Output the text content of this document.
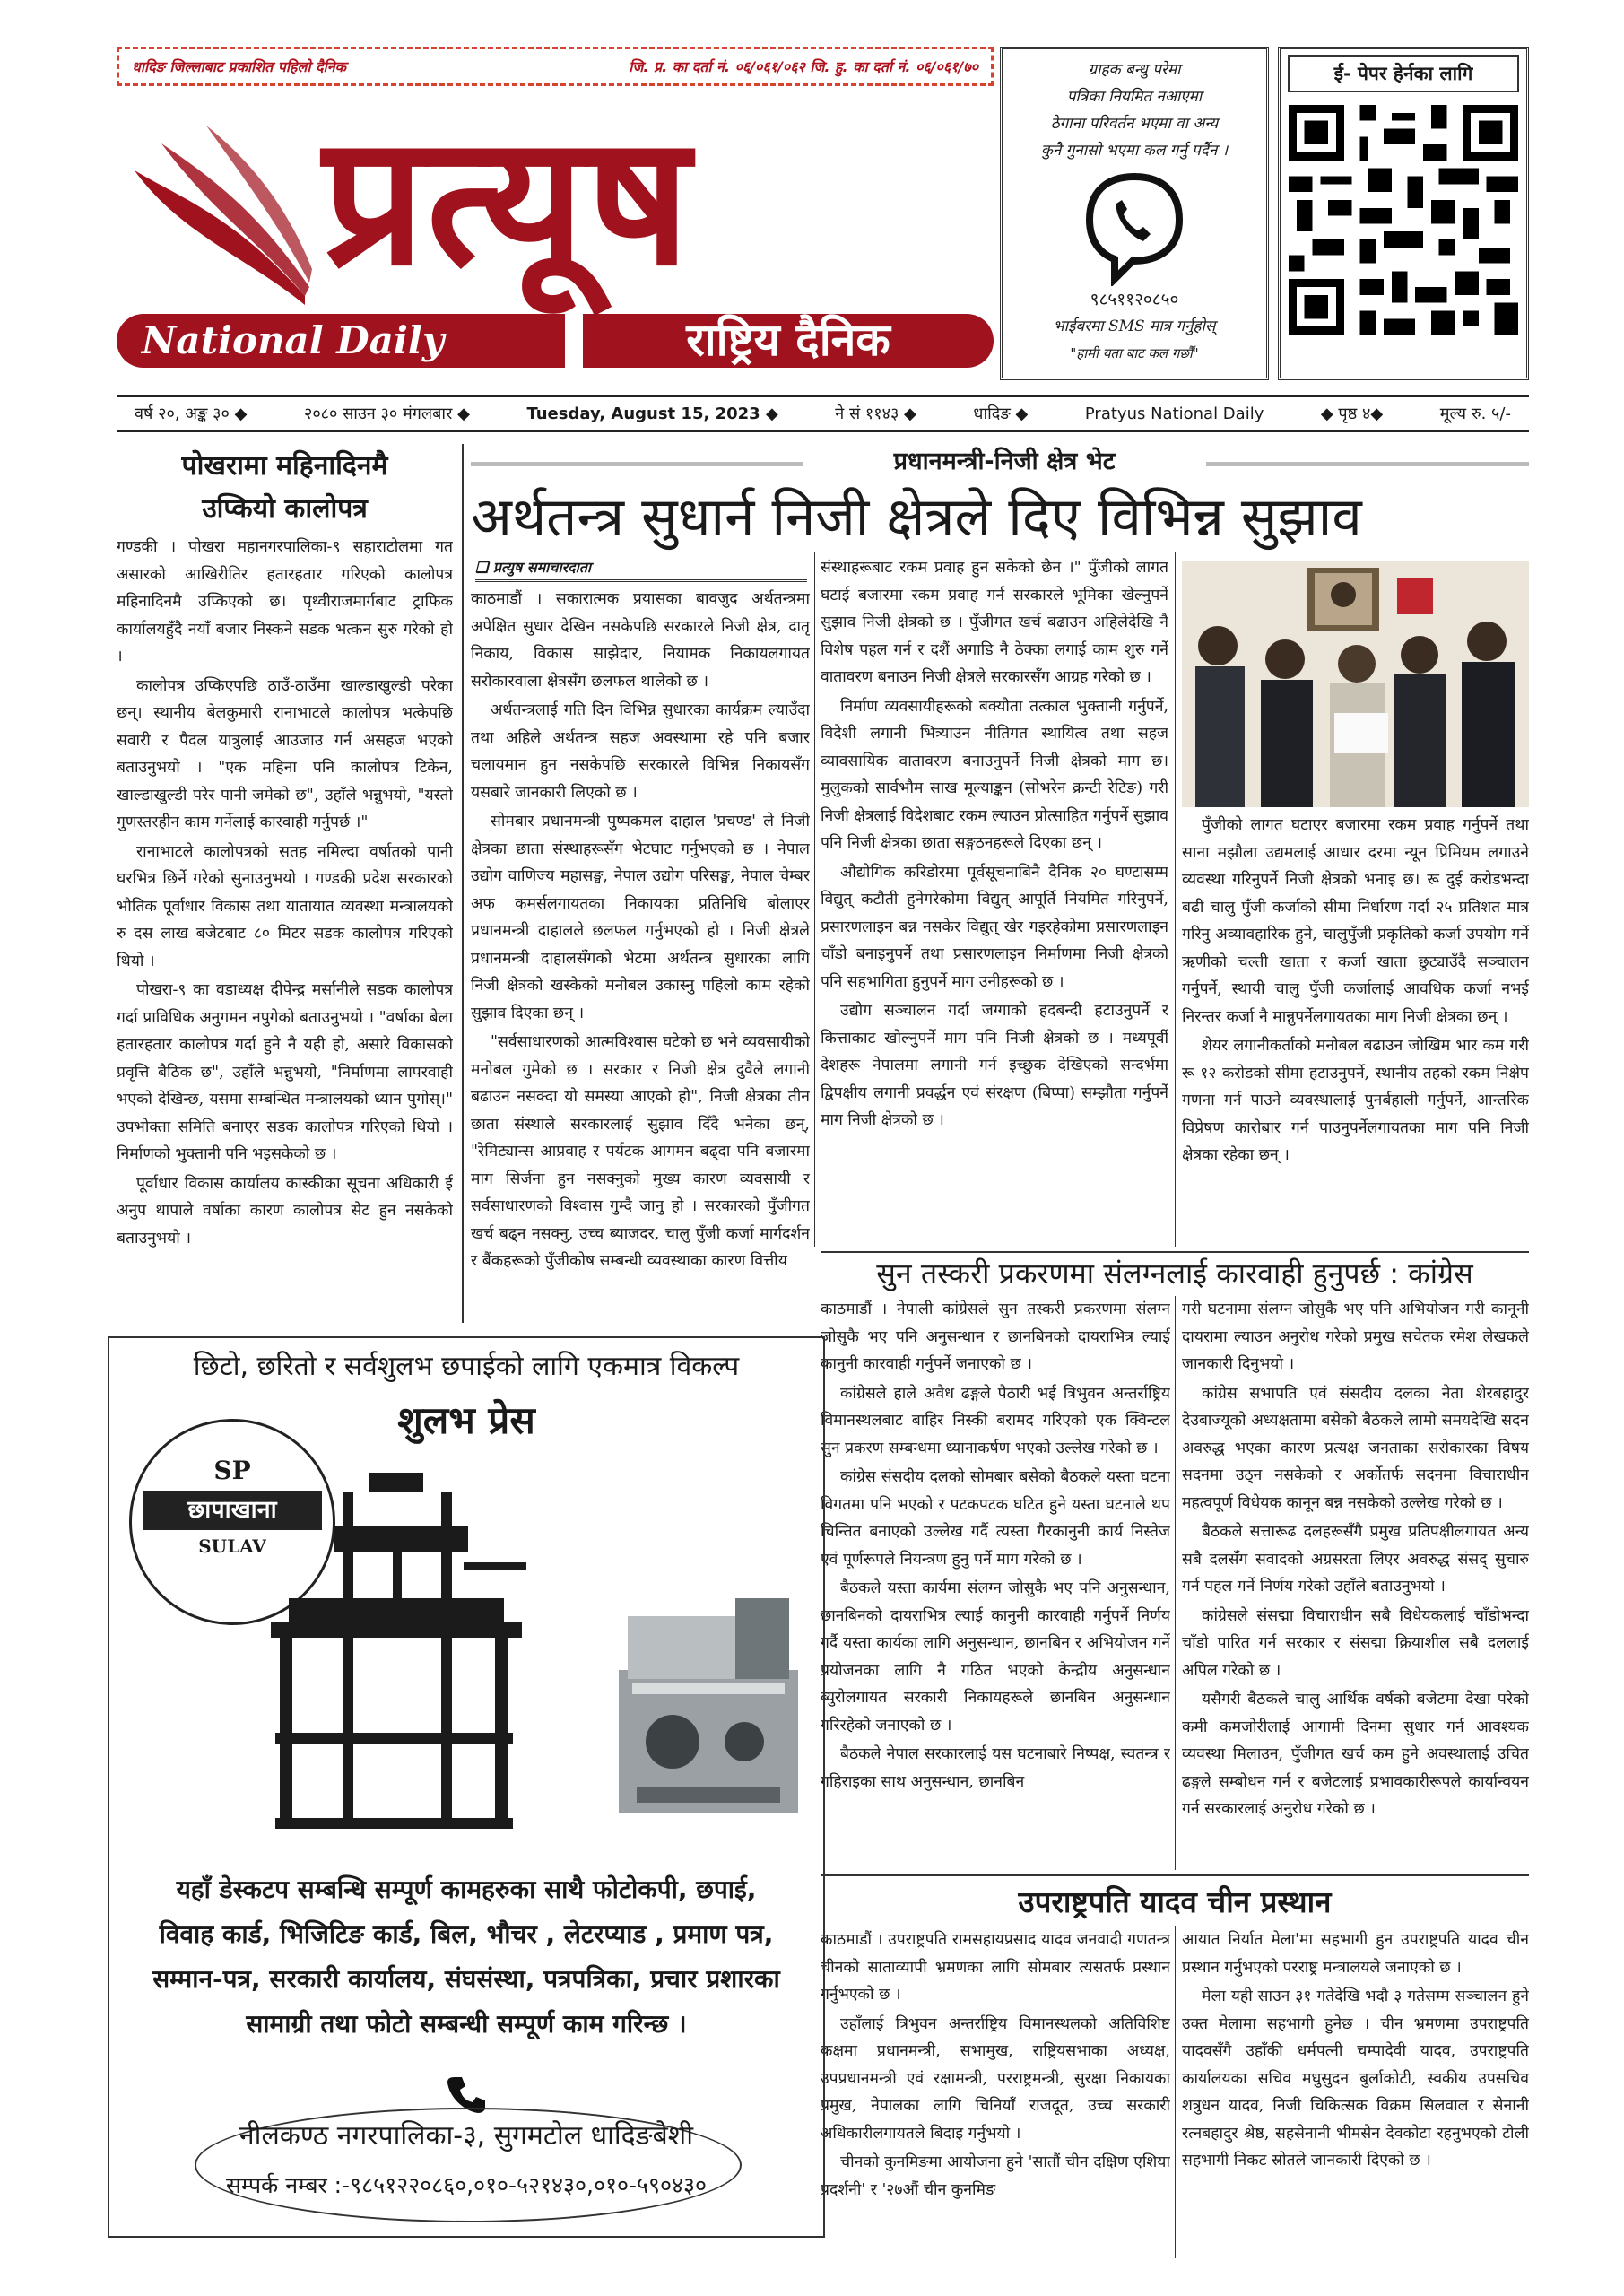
धादिङ जिल्लाबाट प्रकाशित पहिलो दैनिक	जि. प्र. का दर्ता नं. ०६/०६१/०६२ जि. हु. का दर्ता नं. ०६/०६१/७०
प्रत्यूष
National Daily	राष्ट्रिय दैनिक
ग्राहक बन्धु परेमा
पत्रिका नियमित नआएमा
ठेगाना परिवर्तन भएमा वा अन्य
कुनै गुनासो भएमा कल गर्नु पर्दैन ।
९८५११२०८५०
भाईबरमा SMS मात्र गर्नुहोस्
"हामी यता बाट कल गर्छौं"
ई- पेपर हेर्नका लागि
वर्ष २०, अङ्क ३० ◆	२०८० साउन ३० मंगलबार ◆	Tuesday, August 15, 2023 ◆	ने सं ११४३ ◆	धादिङ ◆	Pratyus National Daily	◆ पृष्ठ ४◆	मूल्य रु. ५/-
पोखरामा महिनादिनमै
उप्कियो कालोपत्र

गण्डकी । पोखरा महानगरपालिका-९ सहाराटोलमा गत असारको आखिरीतिर हतारहतार गरिएको कालोपत्र महिनादिनमै उप्किएको छ। पृथ्वीराजमार्गबाट ट्राफिक कार्यालयहुँदै नयाँ बजार निस्कने सडक भत्कन सुरु गरेको हो ।

कालोपत्र उप्किएपछि ठाउँ-ठाउँमा खाल्डाखुल्डी परेका छन्। स्थानीय बेलकुमारी रानाभाटले कालोपत्र भत्केपछि सवारी र पैदल यात्रुलाई आउजाउ गर्न असहज भएको बताउनुभयो । "एक महिना पनि कालोपत्र टिकेन, खाल्डाखुल्डी परेर पानी जमेको छ", उहाँले भन्नुभयो, "यस्तो गुणस्तरहीन काम गर्नेलाई कारवाही गर्नुपर्छ ।"

रानाभाटले कालोपत्रको सतह नमिल्दा वर्षातको पानी घरभित्र छिर्ने गरेको सुनाउनुभयो । गण्डकी प्रदेश सरकारको भौतिक पूर्वाधार विकास तथा यातायात व्यवस्था मन्त्रालयको रु दस लाख बजेटबाट ८० मिटर सडक कालोपत्र गरिएको थियो ।

पोखरा-९ का वडाध्यक्ष दीपेन्द्र मर्सानीले सडक कालोपत्र गर्दा प्राविधिक अनुगमन नपुगेको बताउनुभयो । "वर्षाका बेला हतारहतार कालोपत्र गर्दा हुने नै यही हो, असारे विकासको प्रवृत्ति बैठिक छ", उहाँले भन्नुभयो, "निर्माणमा लापरवाही भएको देखिन्छ, यसमा सम्बन्धित मन्त्रालयको ध्यान पुगोस्।" उपभोक्ता समिति बनाएर सडक कालोपत्र गरिएको थियो । निर्माणको भुक्तानी पनि भइसकेको छ ।

पूर्वाधार विकास कार्यालय कास्कीका सूचना अधिकारी ई अनुप थापाले वर्षाका कारण कालोपत्र सेट हुन नसकेको बताउनुभयो ।

प्रधानमन्त्री-निजी क्षेत्र भेट
अर्थतन्त्र सुधार्न निजी क्षेत्रले दिए विभिन्न सुझाव
❑ प्रत्युष समाचारदाता

काठमाडौं । सकारात्मक प्रयासका बावजुद अर्थतन्त्रमा अपेक्षित सुधार देखिन नसकेपछि सरकारले निजी क्षेत्र, दातृ निकाय, विकास साझेदार, नियामक निकायलगायत सरोकारवाला क्षेत्रसँग छलफल थालेको छ ।

अर्थतन्त्रलाई गति दिन विभिन्न सुधारका कार्यक्रम ल्याउँदा तथा अहिले अर्थतन्त्र सहज अवस्थामा रहे पनि बजार चलायमान हुन नसकेपछि सरकारले विभिन्न निकायसँग यसबारे जानकारी लिएको छ ।

सोमबार प्रधानमन्त्री पुष्पकमल दाहाल 'प्रचण्ड' ले निजी क्षेत्रका छाता संस्थाहरूसँग भेटघाट गर्नुभएको छ । नेपाल उद्योग वाणिज्य महासङ्घ, नेपाल उद्योग परिसङ्घ, नेपाल चेम्बर अफ कमर्सलगायतका निकायका प्रतिनिधि बोलाएर प्रधानमन्त्री दाहालले छलफल गर्नुभएको हो । निजी क्षेत्रले प्रधानमन्त्री दाहालसँगको भेटमा अर्थतन्त्र सुधारका लागि निजी क्षेत्रको खस्केको मनोबल उकास्नु पहिलो काम रहेको सुझाव दिएका छन् ।

"सर्वसाधारणको आत्मविश्वास घटेको छ भने व्यवसायीको मनोबल गुमेको छ । सरकार र निजी क्षेत्र दुवैले लगानी बढाउन नसक्दा यो समस्या आएको हो", निजी क्षेत्रका तीन छाता संस्थाले सरकारलाई सुझाव दिँदै भनेका छन्, "रेमिट्यान्स आप्रवाह र पर्यटक आगमन बढ्दा पनि बजारमा माग सिर्जना हुन नसक्नुको मुख्य कारण व्यवसायी र सर्वसाधारणको विश्वास गुम्दै जानु हो । सरकारको पुँजीगत खर्च बढ्न नसक्नु, उच्च ब्याजदर, चालु पुँजी कर्जा मार्गदर्शन र बैंकहरूको पुँजीकोष सम्बन्धी व्यवस्थाका कारण वित्तीय

संस्थाहरूबाट रकम प्रवाह हुन सकेको छैन ।" पुँजीको लागत घटाई बजारमा रकम प्रवाह गर्न सरकारले भूमिका खेल्नुपर्ने सुझाव निजी क्षेत्रको छ । पुँजीगत खर्च बढाउन अहिलेदेखि नै विशेष पहल गर्न र दशैं अगाडि नै ठेक्का लगाई काम शुरु गर्ने वातावरण बनाउन निजी क्षेत्रले सरकारसँग आग्रह गरेको छ ।

निर्माण व्यवसायीहरूको बक्यौता तत्काल भुक्तानी गर्नुपर्ने, विदेशी लगानी भित्र्याउन नीतिगत स्थायित्व तथा सहज व्यावसायिक वातावरण बनाउनुपर्ने निजी क्षेत्रको माग छ। मुलुकको सार्वभौम साख मूल्याङ्कन (सोभरेन क्रन्टी रेटिङ) गरी निजी क्षेत्रलाई विदेशबाट रकम ल्याउन प्रोत्साहित गर्नुपर्ने सुझाव पनि निजी क्षेत्रका छाता सङ्गठनहरूले दिएका छन् ।

औद्योगिक करिडोरमा पूर्वसूचनाबिनै दैनिक २० घण्टासम्म विद्युत् कटौती हुनेगरेकोमा विद्युत् आपूर्ति नियमित गरिनुपर्ने, प्रसारणलाइन बन्न नसकेर विद्युत् खेर गइरहेकोमा प्रसारणलाइन चाँडो बनाइनुपर्ने तथा प्रसारणलाइन निर्माणमा निजी क्षेत्रको पनि सहभागिता हुनुपर्ने माग उनीहरूको छ ।

उद्योग सञ्चालन गर्दा जग्गाको हदबन्दी हटाउनुपर्ने र कित्ताकाट खोल्नुपर्ने माग पनि निजी क्षेत्रको छ । मध्यपूर्वी देशहरू नेपालमा लगानी गर्न इच्छुक देखिएको सन्दर्भमा द्विपक्षीय लगानी प्रवर्द्धन एवं संरक्षण (बिप्पा) सम्झौता गर्नुपर्ने माग निजी क्षेत्रको छ ।

पुँजीको लागत घटाएर बजारमा रकम प्रवाह गर्नुपर्ने तथा साना मझौला उद्यमलाई आधार दरमा न्यून प्रिमियम लगाउने व्यवस्था गरिनुपर्ने निजी क्षेत्रको भनाइ छ। रू दुई करोडभन्दा बढी चालु पुँजी कर्जाको सीमा निर्धारण गर्दा २५ प्रतिशत मात्र गरिनु अव्यावहारिक हुने, चालुपुँजी प्रकृतिको कर्जा उपयोग गर्ने ऋणीको चल्ती खाता र कर्जा खाता छुट्याउँदै सञ्चालन गर्नुपर्ने, स्थायी चालु पुँजी कर्जालाई आवधिक कर्जा नभई निरन्तर कर्जा नै मान्नुपर्नेलगायतका माग निजी क्षेत्रका छन् ।

शेयर लगानीकर्ताको मनोबल बढाउन जोखिम भार कम गरी रू १२ करोडको सीमा हटाउनुपर्ने, स्थानीय तहको रकम निक्षेप गणना गर्न पाउने व्यवस्थालाई पुनर्बहाली गर्नुपर्ने, आन्तरिक विप्रेषण कारोबार गर्न पाउनुपर्नेलगायतका माग पनि निजी क्षेत्रका रहेका छन् ।

सुन तस्करी प्रकरणमा संलग्नलाई कारवाही हुनुपर्छ : कांग्रेस

काठमाडौं । नेपाली कांग्रेसले सुन तस्करी प्रकरणमा संलग्न जोसुकै भए पनि अनुसन्धान र छानबिनको दायराभित्र ल्याई कानुनी कारवाही गर्नुपर्ने जनाएको छ ।

कांग्रेसले हाले अवैध ढङ्गले पैठारी भई त्रिभुवन अन्तर्राष्ट्रिय विमानस्थलबाट बाहिर निस्की बरामद गरिएको एक क्विन्टल सुन प्रकरण सम्बन्धमा ध्यानाकर्षण भएको उल्लेख गरेको छ ।

कांग्रेस संसदीय दलको सोमबार बसेको बैठकले यस्ता घटना विगतमा पनि भएको र पटकपटक घटित हुने यस्ता घटनाले थप चिन्तित बनाएको उल्लेख गर्दै त्यस्ता गैरकानुनी कार्य निस्तेज एवं पूर्णरूपले नियन्त्रण हुनु पर्ने माग गरेको छ ।

बैठकले यस्ता कार्यमा संलग्न जोसुकै भए पनि अनुसन्धान, छानबिनको दायराभित्र ल्याई कानुनी कारवाही गर्नुपर्ने निर्णय गर्दै यस्ता कार्यका लागि अनुसन्धान, छानबिन र अभियोजन गर्ने प्रयोजनका लागि नै गठित भएको केन्द्रीय अनुसन्धान ब्युरोलगायत सरकारी निकायहरूले छानबिन अनुसन्धान गरिरहेको जनाएको छ ।

बैठकले नेपाल सरकारलाई यस घटनाबारे निष्पक्ष, स्वतन्त्र र गहिराइका साथ अनुसन्धान, छानबिन

गरी घटनामा संलग्न जोसुकै भए पनि अभियोजन गरी कानूनी दायरामा ल्याउन अनुरोध गरेको प्रमुख सचेतक रमेश लेखकले जानकारी दिनुभयो ।

कांग्रेस सभापति एवं संसदीय दलका नेता शेरबहादुर देउबाज्यूको अध्यक्षतामा बसेको बैठकले लामो समयदेखि सदन अवरुद्ध भएका कारण प्रत्यक्ष जनताका सरोकारका विषय सदनमा उठ्न नसकेको र अर्कोतर्फ सदनमा विचाराधीन महत्वपूर्ण विधेयक कानून बन्न नसकेको उल्लेख गरेको छ ।

बैठकले सत्तारूढ दलहरूसँगै प्रमुख प्रतिपक्षीलगायत अन्य सबै दलसँग संवादको अग्रसरता लिएर अवरुद्ध संसद् सुचारु गर्न पहल गर्ने निर्णय गरेको उहाँले बताउनुभयो ।

कांग्रेसले संसद्मा विचाराधीन सबै विधेयकलाई चाँडोभन्दा चाँडो पारित गर्न सरकार र संसद्मा क्रियाशील सबै दललाई अपिल गरेको छ ।

यसैगरी बैठकले चालु आर्थिक वर्षको बजेटमा देखा परेको कमी कमजोरीलाई आगामी दिनमा सुधार गर्न आवश्यक व्यवस्था मिलाउन, पुँजीगत खर्च कम हुने अवस्थालाई उचित ढङ्गले सम्बोधन गर्न र बजेटलाई प्रभावकारीरूपले कार्यान्वयन गर्न सरकारलाई अनुरोध गरेको छ ।

उपराष्ट्रपति यादव चीन प्रस्थान

काठमाडौं । उपराष्ट्रपति रामसहायप्रसाद यादव जनवादी गणतन्त्र चीनको साताव्यापी भ्रमणका लागि सोमबार त्यसतर्फ प्रस्थान गर्नुभएको छ ।

उहाँलाई त्रिभुवन अन्तर्राष्ट्रिय विमानस्थलको अतिविशिष्ट कक्षमा प्रधानमन्त्री, सभामुख, राष्ट्रियसभाका अध्यक्ष, उपप्रधानमन्त्री एवं रक्षामन्त्री, परराष्ट्रमन्त्री, सुरक्षा निकायका प्रमुख, नेपालका लागि चिनियाँ राजदूत, उच्च सरकारी अधिकारीलगायतले बिदाइ गर्नुभयो ।

चीनको कुनमिङमा आयोजना हुने 'सातौं चीन दक्षिण एशिया प्रदर्शनी' र '२७औं चीन कुनमिङ

आयात निर्यात मेला'मा सहभागी हुन उपराष्ट्रपति यादव चीन प्रस्थान गर्नुभएको परराष्ट्र मन्त्रालयले जनाएको छ ।

मेला यही साउन ३१ गतेदेखि भदौ ३ गतेसम्म सञ्चालन हुने उक्त मेलामा सहभागी हुनेछ । चीन भ्रमणमा उपराष्ट्रपति यादवसँगै उहाँकी धर्मपत्नी चम्पादेवी यादव, उपराष्ट्रपति कार्यालयका सचिव मधुसुदन बुर्लाकोटी, स्वकीय उपसचिव शत्रुधन यादव, निजी चिकित्सक विक्रम सिलवाल र सेनानी रत्नबहादुर श्रेष्ठ, सहसेनानी भीमसेन देवकोटा रहनुभएको टोली सहभागी निकट स्रोतले जानकारी दिएको छ ।

छिटो, छरितो र सर्वशुलभ छपाईको लागि एकमात्र विकल्प
शुलभ प्रेस
SP
छापाखाना
SULAV
यहाँ डेस्कटप सम्बन्धि सम्पूर्ण कामहरुका साथै फोटोकपी, छपाई, विवाह कार्ड, भिजिटिङ कार्ड, बिल, भौचर , लेटरप्याड , प्रमाण पत्र, सम्मान-पत्र, सरकारी कार्यालय, संघसंस्था, पत्रपत्रिका, प्रचार प्रशारका सामाग्री तथा फोटो सम्बन्धी सम्पूर्ण काम गरिन्छ ।
नीलकण्ठ नगरपालिका-३, सुगमटोल धादिङबेशी
सम्पर्क नम्बर :-९८५१२२०८६०,०१०-५२१४३०,०१०-५९०४३०
